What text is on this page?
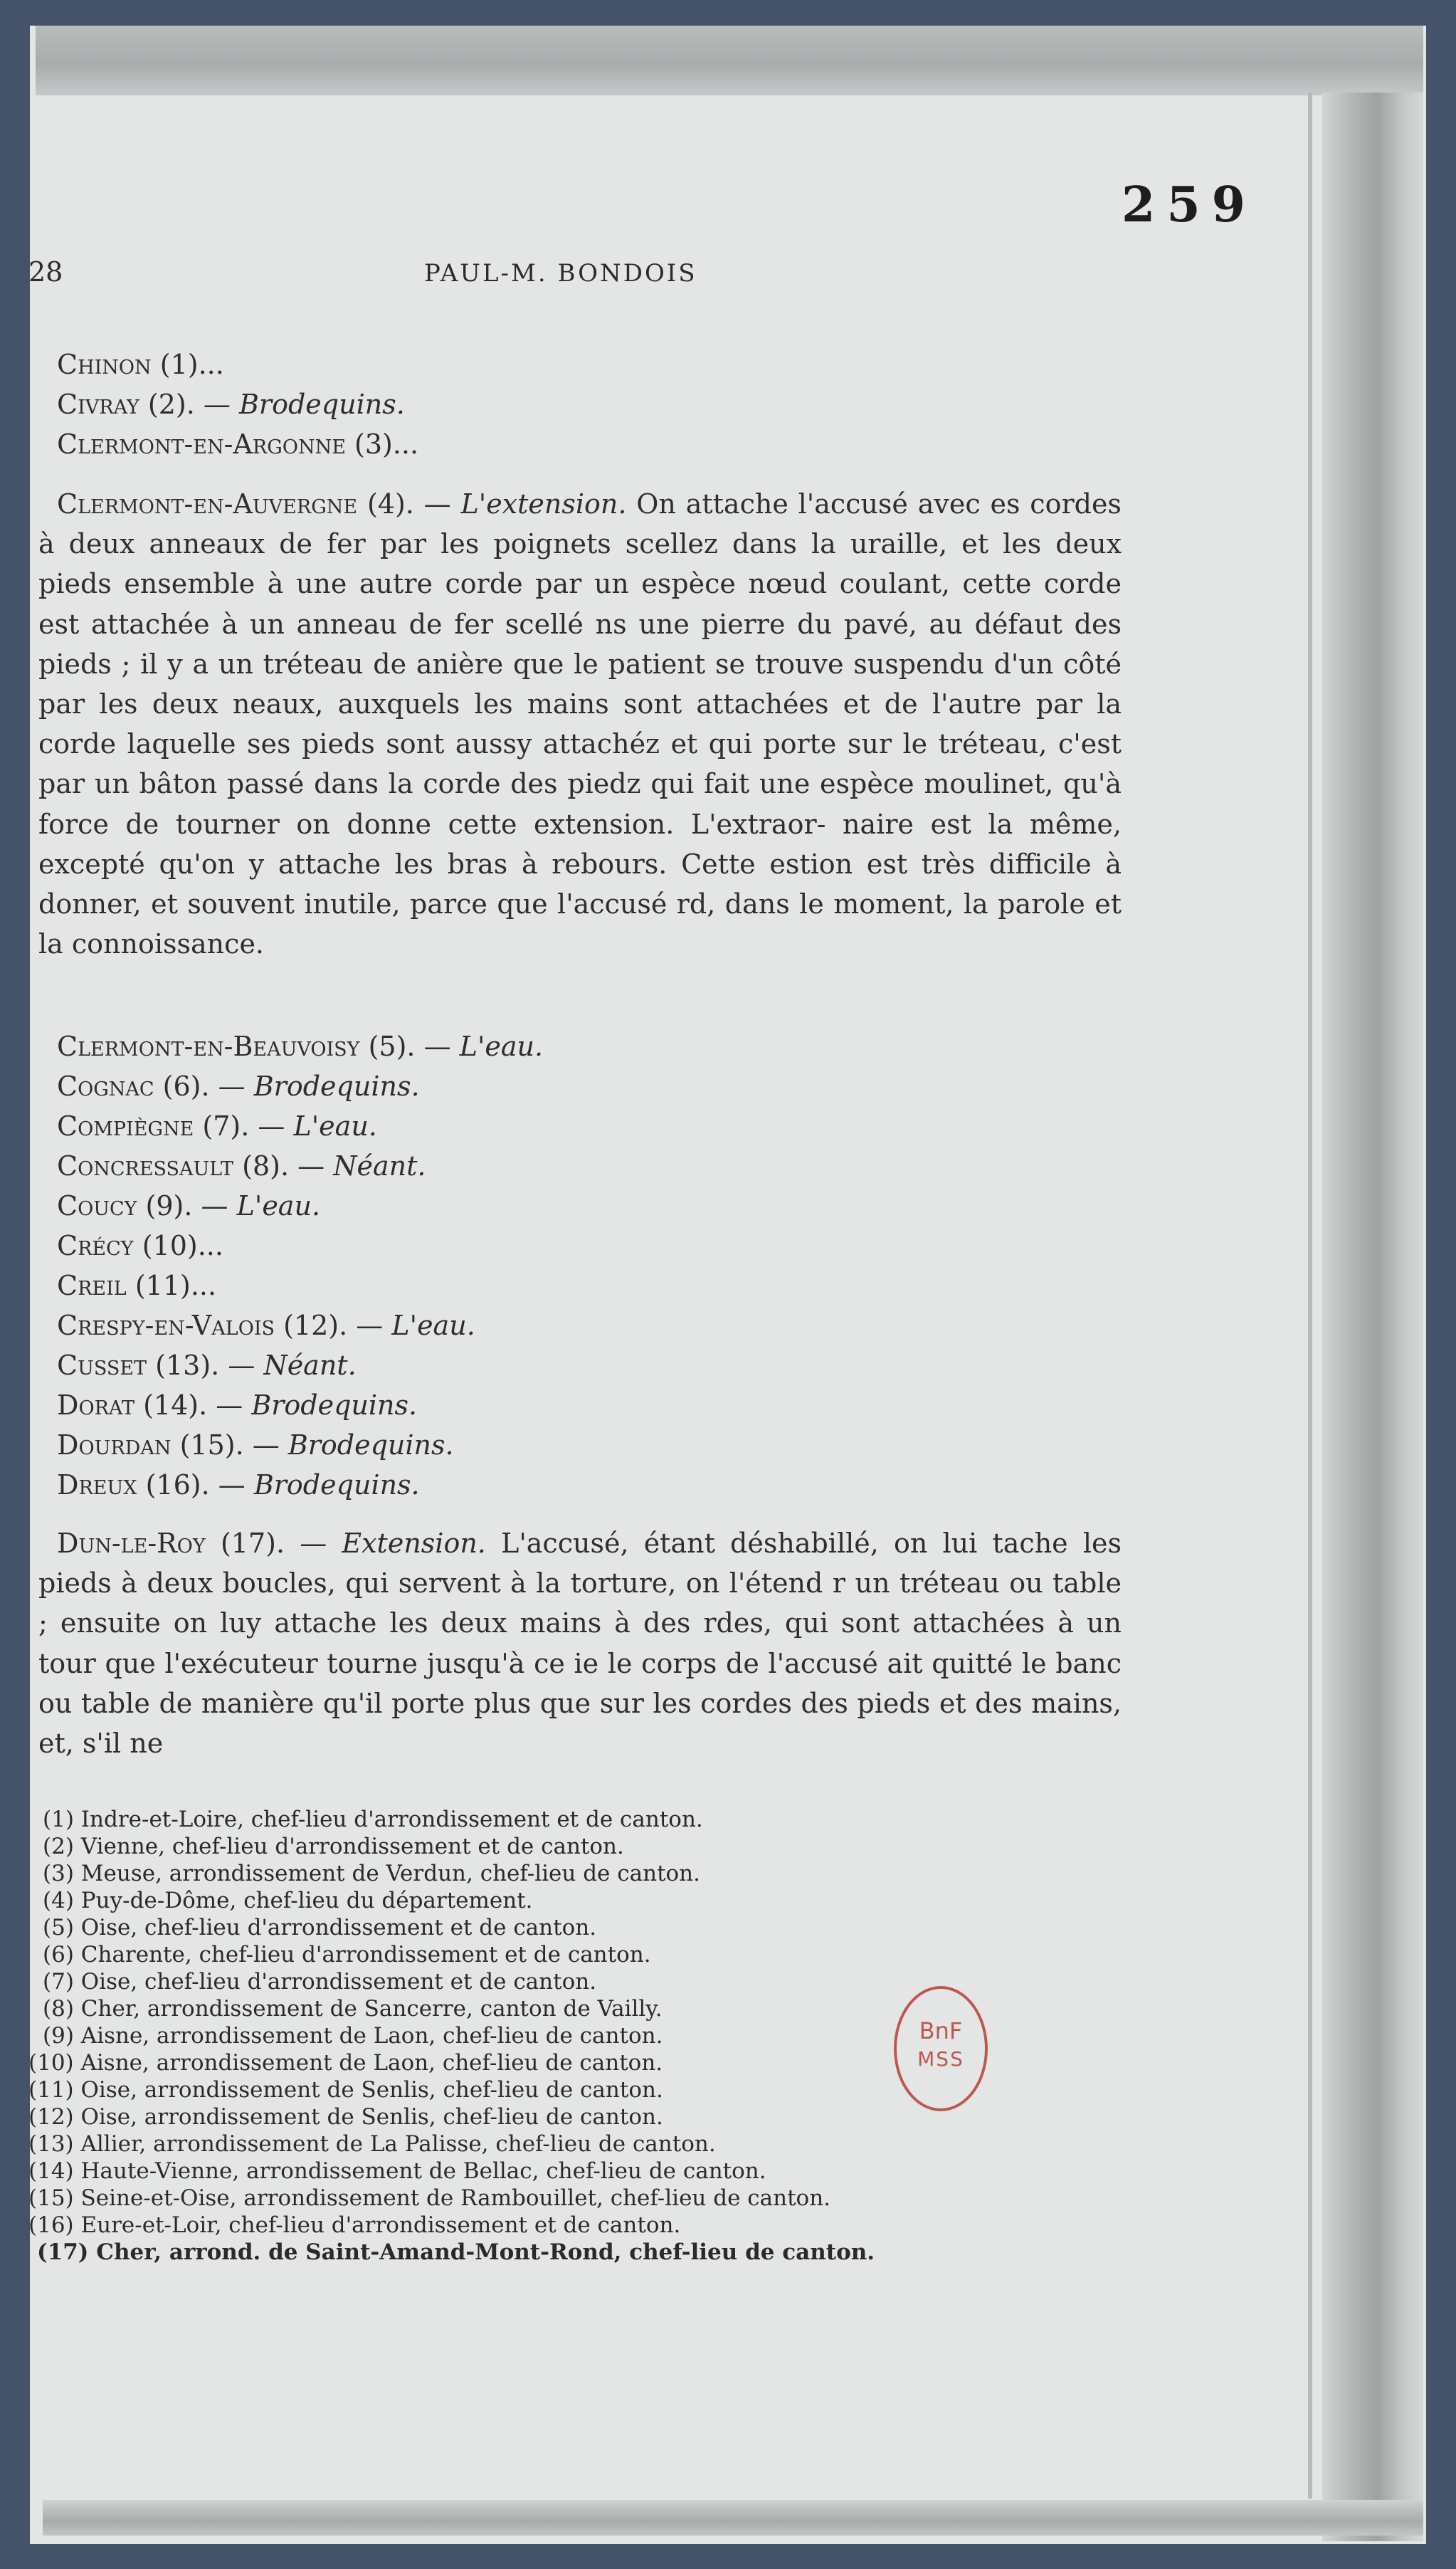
259
28	PAUL-M. BONDOIS
Chinon (1)...
Civray (2). — Brodequins.
Clermont-en-Argonne (3)...
Clermont-en-Auvergne (4). — L'extension. On attache l'accusé avec es cordes à deux anneaux de fer par les poignets scellez dans la uraille, et les deux pieds ensemble à une autre corde par un espèce nœud coulant, cette corde est attachée à un anneau de fer scellé ns une pierre du pavé, au défaut des pieds ; il y a un tréteau de anière que le patient se trouve suspendu d'un côté par les deux neaux, auxquels les mains sont attachées et de l'autre par la corde laquelle ses pieds sont aussy attachéz et qui porte sur le tréteau, c'est par un bâton passé dans la corde des piedz qui fait une espèce moulinet, qu'à force de tourner on donne cette extension. L'extraor- naire est la même, excepté qu'on y attache les bras à rebours. Cette estion est très difficile à donner, et souvent inutile, parce que l'accusé rd, dans le moment, la parole et la connoissance.
Clermont-en-Beauvoisy (5). — L'eau.
Cognac (6). — Brodequins.
Compiègne (7). — L'eau.
Concressault (8). — Néant.
Coucy (9). — L'eau.
Crécy (10)...
Creil (11)...
Crespy-en-Valois (12). — L'eau.
Cusset (13). — Néant.
Dorat (14). — Brodequins.
Dourdan (15). — Brodequins.
Dreux (16). — Brodequins.
Dun-le-Roy (17). — Extension. L'accusé, étant déshabillé, on lui tache les pieds à deux boucles, qui servent à la torture, on l'étend r un tréteau ou table ; ensuite on luy attache les deux mains à des rdes, qui sont attachées à un tour que l'exécuteur tourne jusqu'à ce ie le corps de l'accusé ait quitté le banc ou table de manière qu'il porte plus que sur les cordes des pieds et des mains, et, s'il ne
(1) Indre-et-Loire, chef-lieu d'arrondissement et de canton.
(2) Vienne, chef-lieu d'arrondissement et de canton.
(3) Meuse, arrondissement de Verdun, chef-lieu de canton.
(4) Puy-de-Dôme, chef-lieu du département.
(5) Oise, chef-lieu d'arrondissement et de canton.
(6) Charente, chef-lieu d'arrondissement et de canton.
(7) Oise, chef-lieu d'arrondissement et de canton.
(8) Cher, arrondissement de Sancerre, canton de Vailly.
(9) Aisne, arrondissement de Laon, chef-lieu de canton.
(10) Aisne, arrondissement de Laon, chef-lieu de canton.
(11) Oise, arrondissement de Senlis, chef-lieu de canton.
(12) Oise, arrondissement de Senlis, chef-lieu de canton.
(13) Allier, arrondissement de La Palisse, chef-lieu de canton.
(14) Haute-Vienne, arrondissement de Bellac, chef-lieu de canton.
(15) Seine-et-Oise, arrondissement de Rambouillet, chef-lieu de canton.
(16) Eure-et-Loir, chef-lieu d'arrondissement et de canton.
(17) Cher, arrond. de Saint-Amand-Mont-Rond, chef-lieu de canton.
BnF
MSS
